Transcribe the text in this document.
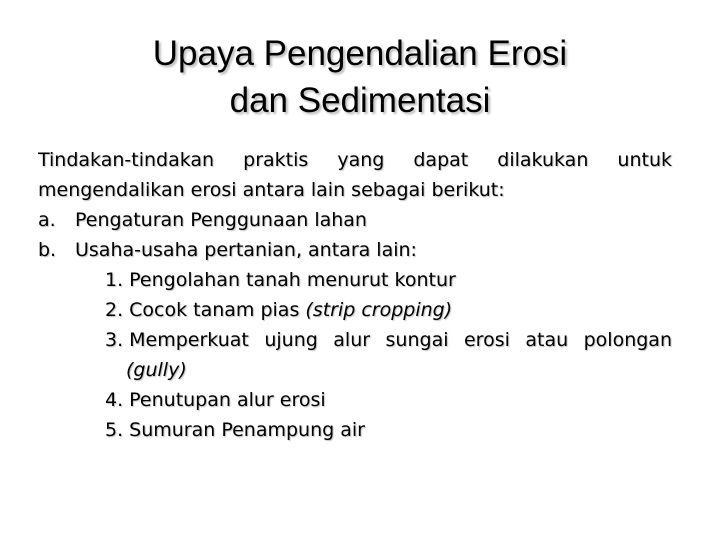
Upaya Pengendalian Erosi
dan Sedimentasi

Tindakan-tindakan praktis yang dapat dilakukan untuk
mengendalikan erosi antara lain sebagai berikut:

a.	Pengaturan Penggunaan lahan
b. Usaha-usaha pertanian, antara lain:
1. Pengolahan tanah menurut kontur
2. Cocok tanam pias (strip cropping)
3. Memperkuat ujung alur sungai erosi atau polongan
(gully)
4. Penutupan alur erosi
5. Sumuran Penampung air
